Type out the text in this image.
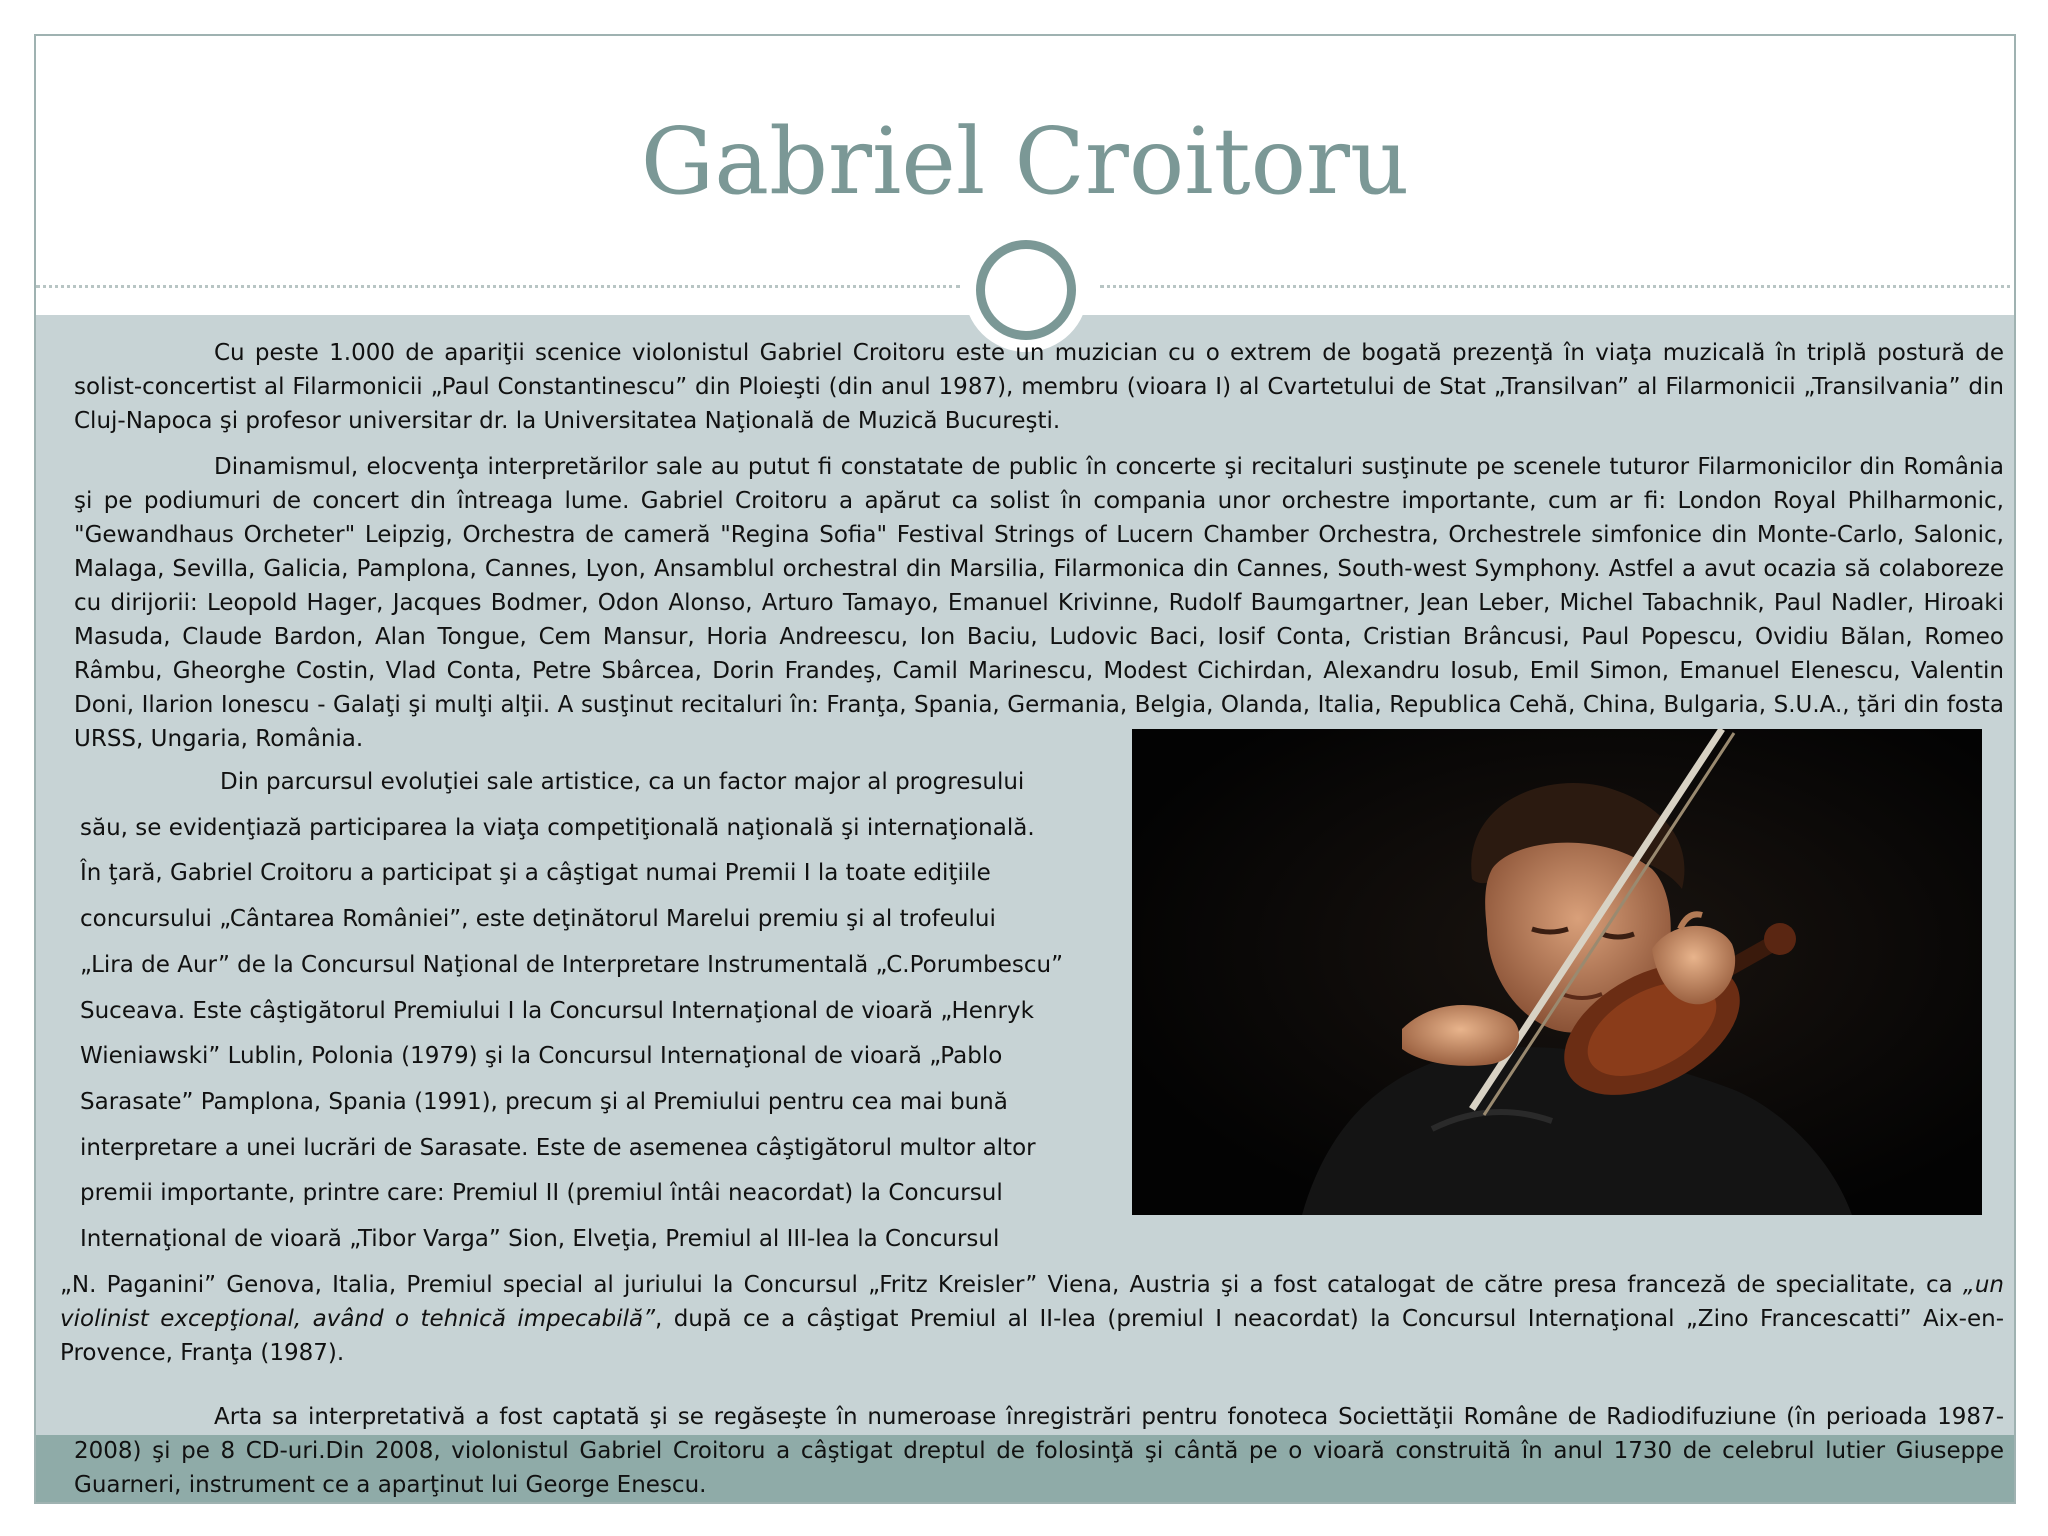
Gabriel Croitoru
Cu peste 1.000 de apariţii scenice violonistul Gabriel Croitoru este un muzician cu o extrem de bogată prezenţă în viaţa muzicală în triplă postură de solist-concertist al Filarmonicii „Paul Constantinescu” din Ploieşti (din anul 1987), membru (vioara I) al Cvartetului de Stat „Transilvan” al Filarmonicii „Transilvania” din Cluj-Napoca şi profesor universitar dr. la Universitatea Naţională de Muzică Bucureşti.
Dinamismul, elocvenţa interpretărilor sale au putut fi constatate de public în concerte şi recitaluri susţinute pe scenele tuturor Filarmonicilor din România şi pe podiumuri de concert din întreaga lume. Gabriel Croitoru a apărut ca solist în compania unor orchestre importante, cum ar fi: London Royal Philharmonic, "Gewandhaus Orcheter" Leipzig, Orchestra de cameră "Regina Sofia" Festival Strings of Lucern Chamber Orchestra, Orchestrele simfonice din Monte-Carlo, Salonic, Malaga, Sevilla, Galicia, Pamplona, Cannes, Lyon, Ansamblul orchestral din Marsilia, Filarmonica din Cannes, South-west Symphony. Astfel a avut ocazia să colaboreze cu dirijorii: Leopold Hager, Jacques Bodmer, Odon Alonso, Arturo Tamayo, Emanuel Krivinne, Rudolf Baumgartner, Jean Leber, Michel Tabachnik, Paul Nadler, Hiroaki Masuda, Claude Bardon, Alan Tongue, Cem Mansur, Horia Andreescu, Ion Baciu, Ludovic Baci, Iosif Conta, Cristian Brâncusi, Paul Popescu, Ovidiu Bălan, Romeo Râmbu, Gheorghe Costin, Vlad Conta, Petre Sbârcea, Dorin Frandeş, Camil Marinescu, Modest Cichirdan, Alexandru Iosub, Emil Simon, Emanuel Elenescu, Valentin Doni, Ilarion Ionescu - Galaţi şi mulţi alţii. A susţinut recitaluri în: Franţa, Spania, Germania, Belgia, Olanda, Italia, Republica Cehă, China, Bulgaria, S.U.A., ţări din fosta URSS, Ungaria, România.
Din parcursul evoluţiei sale artistice, ca un factor major al progresului
său, se evidenţiază participarea la viaţa competiţională naţională şi internaţională.
În ţară, Gabriel Croitoru a participat şi a câştigat numai Premii I la toate ediţiile
concursului „Cântarea României”, este deţinătorul Marelui premiu şi al trofeului
„Lira de Aur” de la Concursul Naţional de Interpretare Instrumentală „C.Porumbescu”
Suceava. Este câştigătorul Premiului I la Concursul Internaţional de vioară „Henryk
Wieniawski” Lublin, Polonia (1979) şi la Concursul Internaţional de vioară „Pablo
Sarasate” Pamplona, Spania (1991), precum şi al Premiului pentru cea mai bună
interpretare a unei lucrări de Sarasate. Este de asemenea câştigătorul multor altor
premii importante, printre care: Premiul II (premiul întâi neacordat) la Concursul
Internaţional de vioară „Tibor Varga” Sion, Elveţia, Premiul al III-lea la Concursul
„N. Paganini” Genova, Italia, Premiul special al juriului la Concursul „Fritz Kreisler” Viena, Austria şi a fost catalogat de către presa franceză de specialitate, ca „un violinist excepţional, având o tehnică impecabilă”, după ce a câştigat Premiul al II-lea (premiul I neacordat) la Concursul Internaţional „Zino Francescatti” Aix-en-Provence, Franţa (1987).
Arta sa interpretativă a fost captată şi se regăseşte în numeroase înregistrări pentru fonoteca Societtăţii Române de Radiodifuziune (în perioada 1987-2008) şi pe 8 CD-uri.Din 2008, violonistul Gabriel Croitoru a câştigat dreptul de folosinţă şi cântă pe o vioară construită în anul 1730 de celebrul lutier Giuseppe Guarneri, instrument ce a aparţinut lui George Enescu.
